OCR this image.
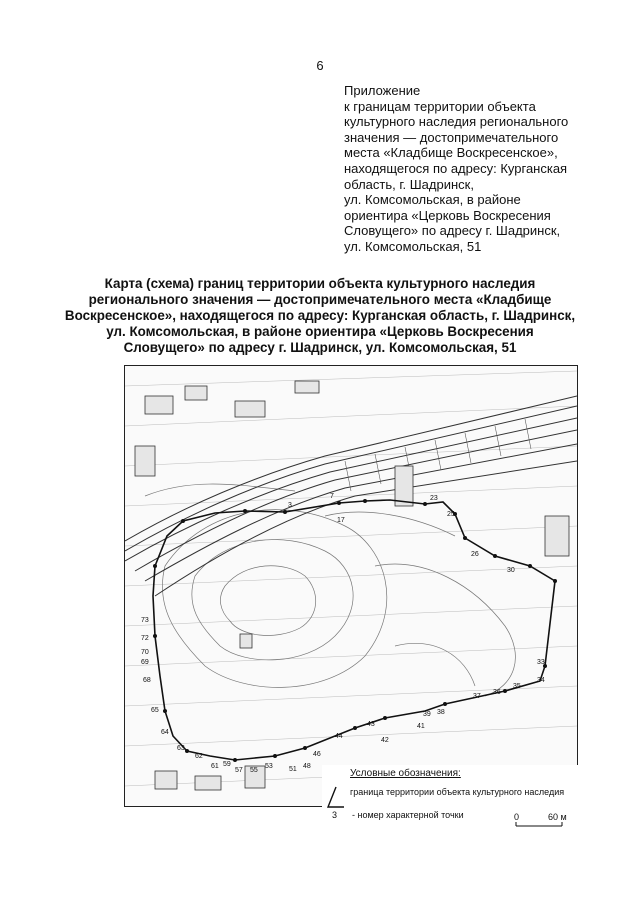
6
Приложение
к границам территории объекта
культурного наследия регионального
значения — достопримечательного
места «Кладбище Воскресенское»,
находящегося по адресу: Курганская
область, г. Шадринск,
ул. Комсомольская, в районе
ориентира «Церковь Воскресения
Словущего» по адресу г. Шадринск,
ул. Комсомольская, 51
Карта (схема) границ территории объекта культурного наследия
регионального значения — достопримечательного места «Кладбище
Воскресенское», находящегося по адресу: Курганская область, г. Шадринск,
ул. Комсомольская, в районе ориентира «Церковь Воскресения
Словущего» по адресу г. Шадринск, ул. Комсомольская, 51
3
7
17
23
25
26
30
33
34
35
36
37
38
39
41
42
43
44
46
48
51
53
55
57
59
61
62
63
64
65
68
69
70
72
73
Условные обозначения:
граница территории объекта культурного наследия
3 - номер характерной точки	0	60 м
